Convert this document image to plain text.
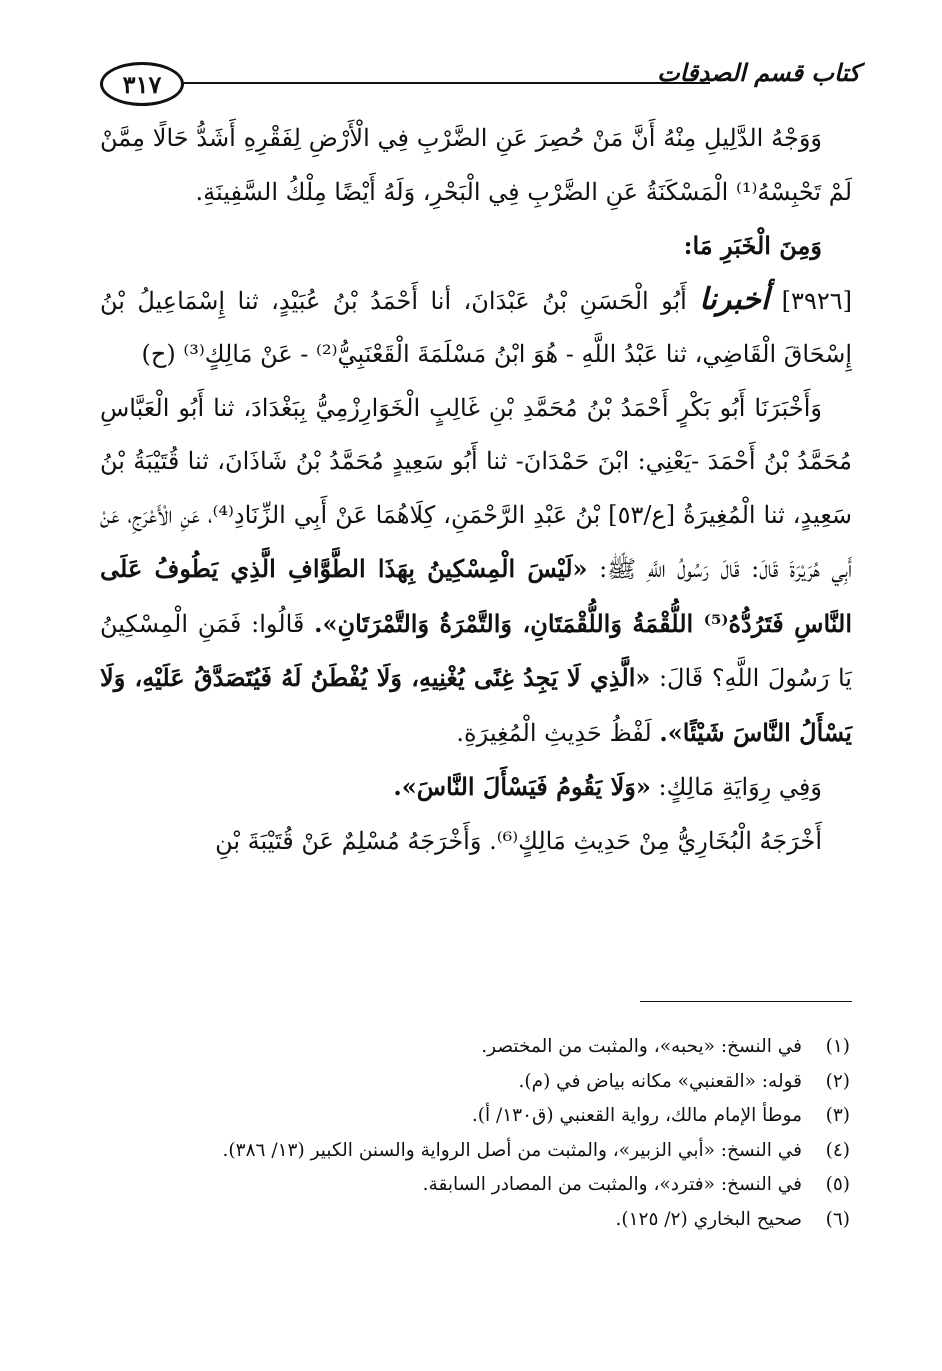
٣١٧	كتاب قسم الصدقات

وَوَجْهُ الدَّلِيلِ مِنْهُ أَنَّ مَنْ حُصِرَ عَنِ الضَّرْبِ فِي الْأَرْضِ لِفَقْرِهِ أَشَدُّ حَالًا مِمَّنْ لَمْ تَحْبِسْهُ⁽¹⁾ الْمَسْكَنَةُ عَنِ الضَّرْبِ فِي الْبَحْرِ، وَلَهُ أَيْضًا مِلْكُ السَّفِينَةِ.

وَمِنَ الْخَبَرِ مَا:

[٣٩٢٦] أخبرنا أَبُو الْحَسَنِ بْنُ عَبْدَانَ، أنا أَحْمَدُ بْنُ عُبَيْدٍ، ثنا إِسْمَاعِيلُ بْنُ إِسْحَاقَ الْقَاضِي، ثنا عَبْدُ اللَّهِ - هُوَ ابْنُ مَسْلَمَةَ الْقَعْنَبِيُّ⁽²⁾ - عَنْ مَالِكٍ⁽³⁾ (ح)

وَأَخْبَرَنَا أَبُو بَكْرٍ أَحْمَدُ بْنُ مُحَمَّدِ بْنِ غَالِبٍ الْخَوَارِزْمِيُّ بِبَغْدَادَ، ثنا أَبُو الْعَبَّاسِ مُحَمَّدُ بْنُ أَحْمَدَ -يَعْنِي: ابْنَ حَمْدَانَ- ثنا أَبُو سَعِيدٍ مُحَمَّدُ بْنُ شَاذَانَ، ثنا قُتَيْبَةُ بْنُ سَعِيدٍ، ثنا الْمُغِيرَةُ [ع/٥٣] بْنُ عَبْدِ الرَّحْمَنِ، كِلَاهُمَا عَنْ أَبِي الزِّنَادِ⁽⁴⁾، عَنِ الْأَعْرَجِ، عَنْ أَبِي هُرَيْرَةَ قَالَ: قَالَ رَسُولُ اللَّهِ ﷺ: «لَيْسَ الْمِسْكِينُ بِهَذَا الطَّوَّافِ الَّذِي يَطُوفُ عَلَى النَّاسِ فَتَرُدُّهُ⁽⁵⁾ اللُّقْمَةُ وَاللُّقْمَتَانِ، وَالتَّمْرَةُ وَالتَّمْرَتَانِ». قَالُوا: فَمَنِ الْمِسْكِينُ يَا رَسُولَ اللَّهِ؟ قَالَ: «الَّذِي لَا يَجِدُ غِنًى يُغْنِيهِ، وَلَا يُفْطَنُ لَهُ فَيُتَصَدَّقُ عَلَيْهِ، وَلَا يَسْأَلُ النَّاسَ شَيْئًا». لَفْظُ حَدِيثِ الْمُغِيرَةِ.

وَفِي رِوَايَةِ مَالِكٍ: «وَلَا يَقُومُ فَيَسْأَلَ النَّاسَ».

أَخْرَجَهُ الْبُخَارِيُّ مِنْ حَدِيثِ مَالِكٍ⁽⁶⁾. وَأَخْرَجَهُ مُسْلِمٌ عَنْ قُتَيْبَةَ بْنِ

(١)
في النسخ: «يحبه»، والمثبت من المختصر.
(٢)
قوله: «القعنبي» مكانه بياض في (م).
(٣)
موطأ الإمام مالك، رواية القعنبي (ق١٣٠/ أ).
(٤)
في النسخ: «أبي الزبير»، والمثبت من أصل الرواية والسنن الكبير (١٣/ ٣٨٦).
(٥)
في النسخ: «فترد»، والمثبت من المصادر السابقة.
(٦)
صحيح البخاري (٢/ ١٢٥).
